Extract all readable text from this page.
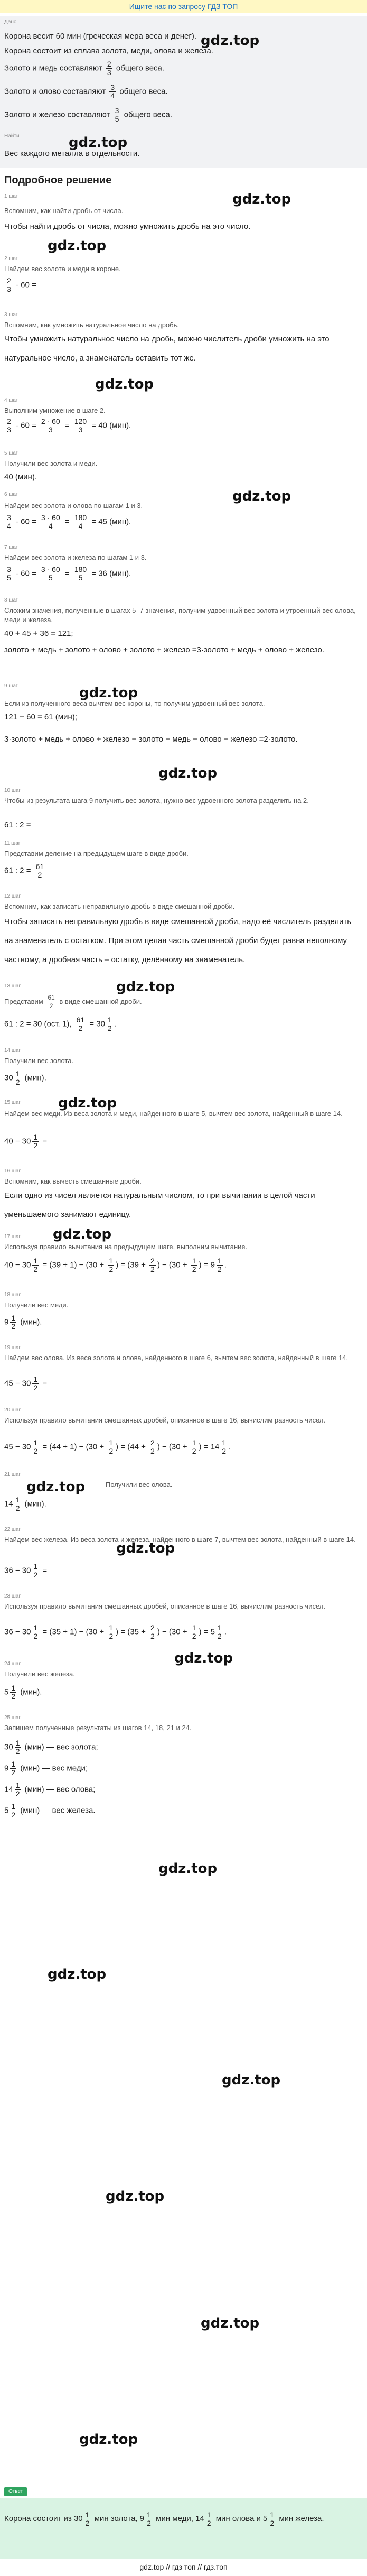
Ищите нас по запросу ГДЗ ТОП
Дано
Корона весит 60 мин (греческая мера веса и денег). gdz.top
Корона состоит из сплава золота, меди, олова и железа.
Золото и медь составляют $\frac{2}{3}$ общего веса.
Золото и олово составляют $\frac{3}{4}$ общего веса.
Золото и железо составляют $\frac{3}{5}$ общего веса.
Найти	gdz.top
Вес каждого металла в отдельности.
Подробное решение
1 шаг	gdz.top
Вспомним, как найти дробь от числа.
Чтобы найти дробь от числа, можно умножить дробь на это число.
gdz.top
2 шаг
Найдем вес золота и меди в короне.
$\frac{2}{3} \cdot 60$ =
3 шаг
Вспомним, как умножить натуральное число на дробь.
Чтобы умножить натуральное число на дробь, можно числитель дроби умножить на это натуральное число, а знаменатель оставить тот же.
gdz.top
4 шаг
Выполним умножение в шаге 2.
$\frac{2}{3} \cdot 60 = \frac{2 \cdot 60}{3} = \frac{120}{3} = 40$ (мин).
5 шаг
Получили вес золота и меди.
40 (мин).
6 шаг	gdz.top
Найдем вес золота и олова по шагам 1 и 3.
$\frac{3}{4} \cdot 60 = \frac{3 \cdot 60}{4} = \frac{180}{4} = 45$ (мин).
7 шаг
Найдем вес золота и железа по шагам 1 и 3.
$\frac{3}{5} \cdot 60 = \frac{3 \cdot 60}{5} = \frac{180}{5} = 36$ (мин).
8 шаг
Сложим значения, полученные в шагах 5–7 значения, получим удвоенный вес золота и утроенный вес олова, меди и железа.
40 + 45 + 36 = 121;
золото + медь + золото + олово + золото + железо =3·золото + медь + олово + железо.
9 шаг	gdz.top
Если из полученного веса вычтем вес короны, то получим удвоенный вес золота.
121 − 60 = 61 (мин);
3·золото + медь + олово + железо − золото − медь − олово − железо =2·золото.
gdz.top
10 шаг
Чтобы из результата шага 9 получить вес золота, нужно вес удвоенного золота разделить на 2.
61 : 2 =
11 шаг
Представим деление на предыдущем шаге в виде дроби.
61 : $2 = \frac{61}{2}$
12 шаг
Вспомним, как записать неправильную дробь в виде смешанной дроби.
Чтобы записать неправильную дробь в виде смешанной дроби, надо её числитель разделить на знаменатель с остатком. При этом целая часть смешанной дроби будет равна неполному частному, а дробная часть – остатку, делённому на знаменатель.
13 шаг	gdz.top
Представим $\frac{61}{2}$ в виде смешанной дроби.
61 : 2 = 30 (ост. 1), $\frac{61}{2} = 30 \frac{1}{2}$ .
14 шаг
Получили вес золота.
$30 \frac{1}{2} (мин)$.
15 шаг	gdz.top
Найдем вес меди. Из веса золота и меди, найденного в шаге 5, вычтем вес золота, найденный в шаге 14.
$40 - 30 \frac{1}{2}$ =
16 шаг
Вспомним, как вычесть смешанные дроби.
Если одно из чисел является натуральным числом, то при вычитании в целой части уменьшаемого занимают единицу.
17 шаг gdz.top
Используя правило вычитания на предыдущем шаге, выполним вычитание.
$40 - 30 \frac{1}{2} = (39 + 1) - (30 + \frac{1}{2}$ ) = ($39 + \frac{2}{2}$ ) − ($30 + \frac{1}{2}$ ) = $9 \frac{1}{2}$ .
18 шаг
Получили вес меди.
$9 \frac{1}{2} (мин)$.
19 шаг
Найдем вес олова. Из веса золота и олова, найденного в шаге 6, вычтем вес золота, найденный в шаге 14.
$45 - 30 \frac{1}{2}$ =
20 шаг
Используя правило вычитания смешанных дробей, описанное в шаге 16, вычислим разность чисел.
$45 - 30 \frac{1}{2} = (44 + 1) - (30 + \frac{1}{2}$ ) = ($44 + \frac{2}{2}$ ) − ($30 + \frac{1}{2}$ ) = $14 \frac{1}{2}$ .
21 шаг
gdz.top	Получили вес олова.
$14 \frac{1}{2} (мин)$.
22 шаг
Найдем вес железа. Из веса золота и железа, найденного в шаге 7, вычтем вес золота, найденный в шаге 14.
gdz.top
$36 - 30 \frac{1}{2}$ =
23 шаг
Используя правило вычитания смешанных дробей, описанное в шаге 16, вычислим разность чисел.
$36 - 30 \frac{1}{2} = (35 + 1) - (30 + \frac{1}{2}$ ) = ($35 + \frac{2}{2}$ ) − ($30 + \frac{1}{2}$ ) = $5 \frac{1}{2}$ .
gdz.top
24 шаг
Получили вес железа.
$5 \frac{1}{2} (мин)$.
25 шаг
Запишем полученные результаты из шагов 14, 18, 21 и 24.
$30 \frac{1}{2} (мин)$ — вес золота;
$9 \frac{1}{2} (мин)$ — вес меди;
$14 \frac{1}{2} (мин)$ — вес олова;
$5 \frac{1}{2} (мин)$ — вес железа.
gdz.top
gdz.top
gdz.top
gdz.top
gdz.top
gdz.top
Ответ
Корона состоит из $30 \frac{1}{2}$ мин золота, $9 \frac{1}{2}$ мин меди, $14 \frac{1}{2}$ мин олова и $5 \frac{1}{2}$ мин железа.
gdz.top // гдз топ // гдз.топ
